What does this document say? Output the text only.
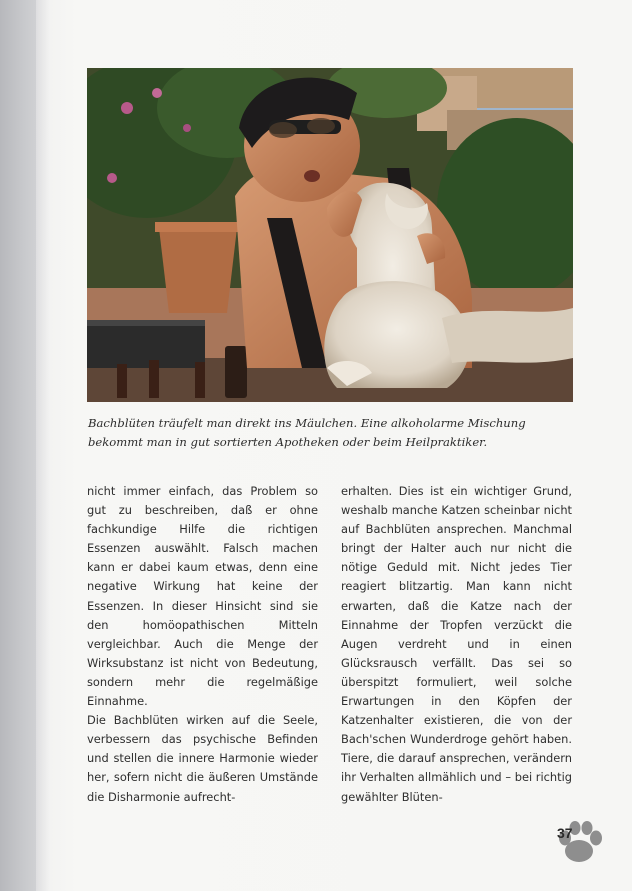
Bachblüten träufelt man direkt ins Mäulchen. Eine alkoholarme Mischung bekommt man in gut sortierten Apotheken oder beim Heilpraktiker.

nicht immer einfach, das Problem so gut zu beschreiben, daß er ohne fachkundige Hilfe die richtigen Essenzen auswählt. Falsch machen kann er dabei kaum etwas, denn eine negative Wirkung hat keine der Essenzen. In dieser Hinsicht sind sie den homöopathischen Mitteln vergleichbar. Auch die Menge der Wirksubstanz ist nicht von Bedeutung, sondern mehr die regelmäßige Einnahme.

Die Bachblüten wirken auf die Seele, verbessern das psychische Befinden und stellen die innere Harmonie wieder her, sofern nicht die äußeren Umstände die Disharmonie aufrecht-

erhalten. Dies ist ein wichtiger Grund, weshalb manche Katzen scheinbar nicht auf Bachblüten ansprechen. Manchmal bringt der Halter auch nur nicht die nötige Geduld mit. Nicht jedes Tier reagiert blitzartig. Man kann nicht erwarten, daß die Katze nach der Einnahme der Tropfen verzückt die Augen verdreht und in einen Glücksrausch verfällt. Das sei so überspitzt formuliert, weil solche Erwartungen in den Köpfen der Katzenhalter existieren, die von der Bach'schen Wunderdroge gehört haben. Tiere, die darauf ansprechen, verändern ihr Verhalten allmählich und – bei richtig gewählter Blüten-

37
